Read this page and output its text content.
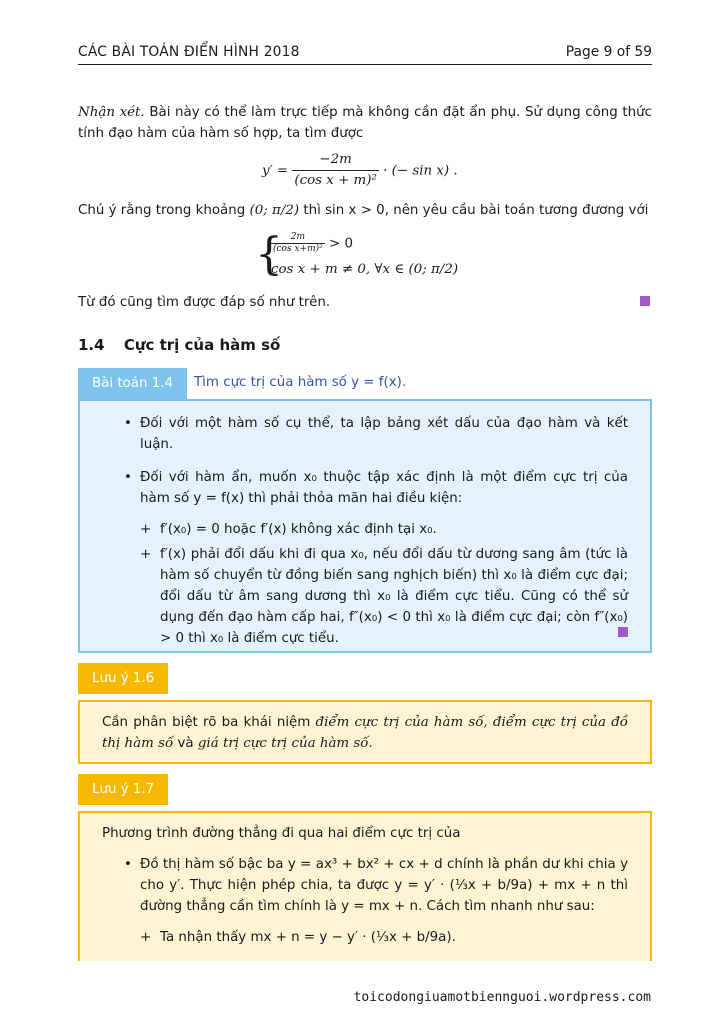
CÁC BÀI TOÁN ĐIỂN HÌNH 2018	Page 9 of 59
Nhận xét. Bài này có thể làm trực tiếp mà không cần đặt ẩn phụ. Sử dụng công thức tính đạo hàm của hàm số hợp, ta tìm được
$y' = \frac{-2m}{\text{(cos x + m)²}}$ · (− sin x) .
Chú ý rằng trong khoảng (0; π/2) thì sin x > 0, nên yêu cầu bài toán tương đương với
{
$\frac{2m}{\text{(cos x+m)²}} > 0$
cos x + m ≠ 0, ∀x ∈ (0; π/2)
Từ đó cũng tìm được đáp số như trên.
1.4 Cực trị của hàm số
Bài toán 1.4	Tìm cực trị của hàm số y = f(x).
• Đối với một hàm số cụ thể, ta lập bảng xét dấu của đạo hàm và kết luận.
• Đối với hàm ẩn, muốn x₀ thuộc tập xác định là một điểm cực trị của hàm số y = f(x) thì phải thỏa mãn hai điều kiện:
+ f′(x₀) = 0 hoặc f′(x) không xác định tại x₀.
+ f′(x) phải đổi dấu khi đi qua x₀, nếu đổi dấu từ dương sang âm (tức là hàm số chuyển từ đồng biến sang nghịch biến) thì x₀ là điểm cực đại; đổi dấu từ âm sang dương thì x₀ là điểm cực tiểu. Cũng có thể sử dụng đến đạo hàm cấp hai, f″(x₀) < 0 thì x₀ là điểm cực đại; còn f″(x₀) > 0 thì x₀ là điểm cực tiểu.
Lưu ý 1.6
Cần phân biệt rõ ba khái niệm điểm cực trị của hàm số, điểm cực trị của đồ thị hàm số và giá trị cực trị của hàm số.
Lưu ý 1.7
Phương trình đường thẳng đi qua hai điểm cực trị của
• Đồ thị hàm số bậc ba y = ax³ + bx² + cx + d chính là phần dư khi chia y cho y′. Thực hiện phép chia, ta được y = y′ · (⅓x + b/9a) + mx + n thì đường thẳng cần tìm chính là y = mx + n. Cách tìm nhanh như sau:
+ Ta nhận thấy mx + n = y − y′ · (⅓x + b/9a).
toicodongiuamotbiennguoi.wordpress.com
